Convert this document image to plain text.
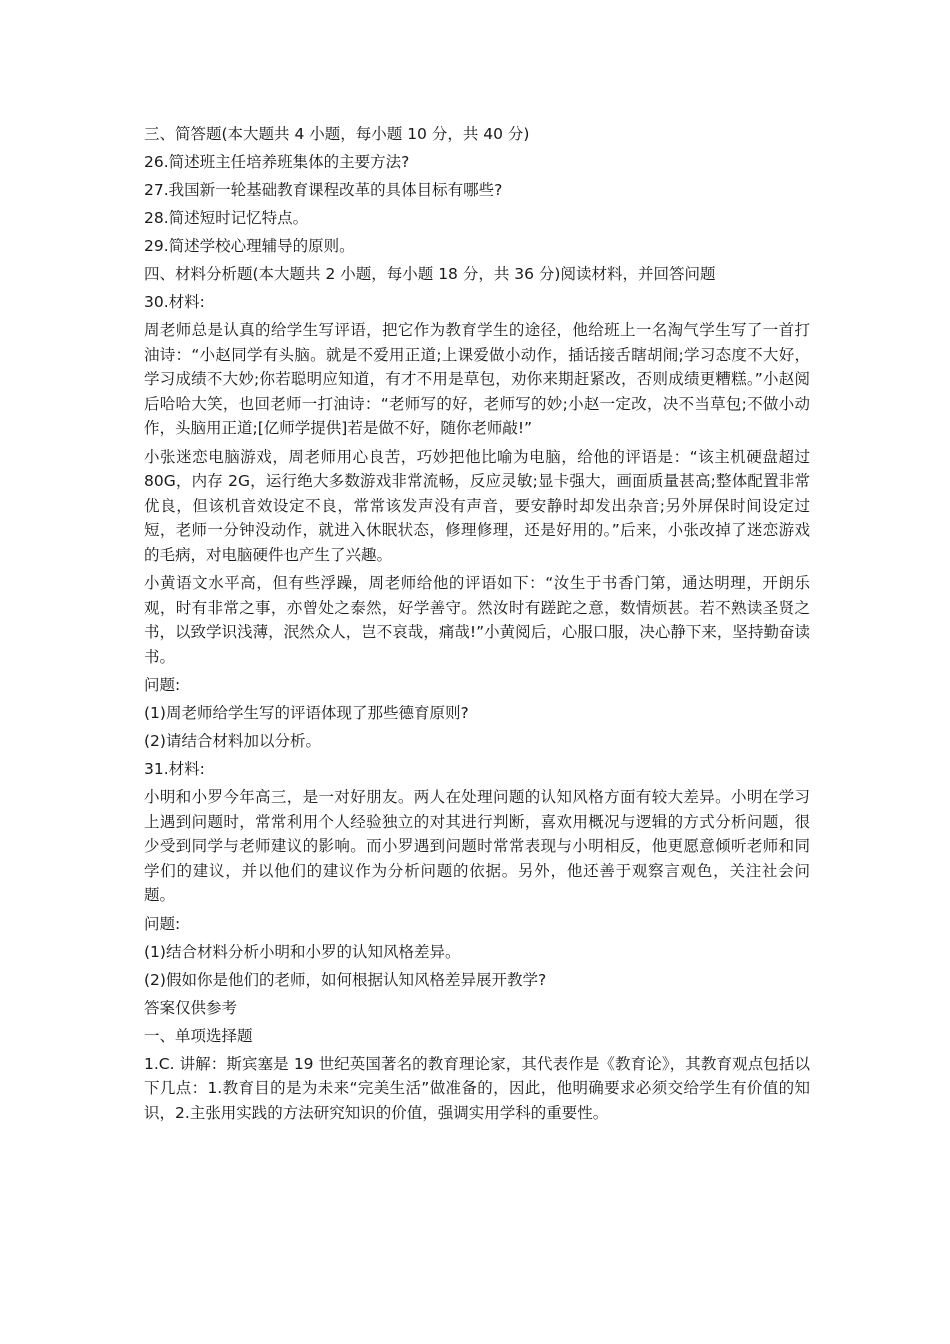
三、简答题(本大题共 4 小题，每小题 10 分，共 40 分)

26.简述班主任培养班集体的主要方法?

27.我国新一轮基础教育课程改革的具体目标有哪些?

28.简述短时记忆特点。

29.简述学校心理辅导的原则。

四、材料分析题(本大题共 2 小题，每小题 18 分，共 36 分)阅读材料，并回答问题

30.材料:

周老师总是认真的给学生写评语，把它作为教育学生的途径，他给班上一名淘气学生写了一首打油诗：“小赵同学有头脑。就是不爱用正道;上课爱做小动作，插话接舌瞎胡闹;学习态度不大好，学习成绩不大妙;你若聪明应知道，有才不用是草包，劝你来期赶紧改，否则成绩更糟糕。”小赵阅后哈哈大笑，也回老师一打油诗：“老师写的好，老师写的妙;小赵一定改，决不当草包;不做小动作，头脑用正道;[亿师学提供]若是做不好，随你老师敲!”

小张迷恋电脑游戏，周老师用心良苦，巧妙把他比喻为电脑，给他的评语是：“该主机硬盘超过 80G，内存 2G，运行绝大多数游戏非常流畅，反应灵敏;显卡强大，画面质量甚高;整体配置非常优良，但该机音效设定不良，常常该发声没有声音，要安静时却发出杂音;另外屏保时间设定过短，老师一分钟没动作，就进入休眠状态，修理修理，还是好用的。”后来，小张改掉了迷恋游戏的毛病，对电脑硬件也产生了兴趣。

小黄语文水平高，但有些浮躁，周老师给他的评语如下：“汝生于书香门第，通达明理，开朗乐观，时有非常之事，亦曾处之泰然，好学善守。然汝时有蹉跎之意，数情烦甚。若不熟读圣贤之书，以致学识浅薄，泯然众人，岂不哀哉，痛哉!”小黄阅后，心服口服，决心静下来，坚持勤奋读书。

问题:

(1)周老师给学生写的评语体现了那些德育原则?

(2)请结合材料加以分析。

31.材料:

小明和小罗今年高三，是一对好朋友。两人在处理问题的认知风格方面有较大差异。小明在学习上遇到问题时，常常利用个人经验独立的对其进行判断，喜欢用概况与逻辑的方式分析问题，很少受到同学与老师建议的影响。而小罗遇到问题时常常表现与小明相反，他更愿意倾听老师和同学们的建议，并以他们的建议作为分析问题的依据。另外，他还善于观察言观色，关注社会问题。

问题:

(1)结合材料分析小明和小罗的认知风格差异。

(2)假如你是他们的老师，如何根据认知风格差异展开教学?

答案仅供参考

一、单项选择题

1.C. 讲解：斯宾塞是 19 世纪英国著名的教育理论家，其代表作是《教育论》，其教育观点包括以下几点：1.教育目的是为未来“完美生活”做准备的，因此，他明确要求必须交给学生有价值的知识，2.主张用实践的方法研究知识的价值，强调实用学科的重要性。
